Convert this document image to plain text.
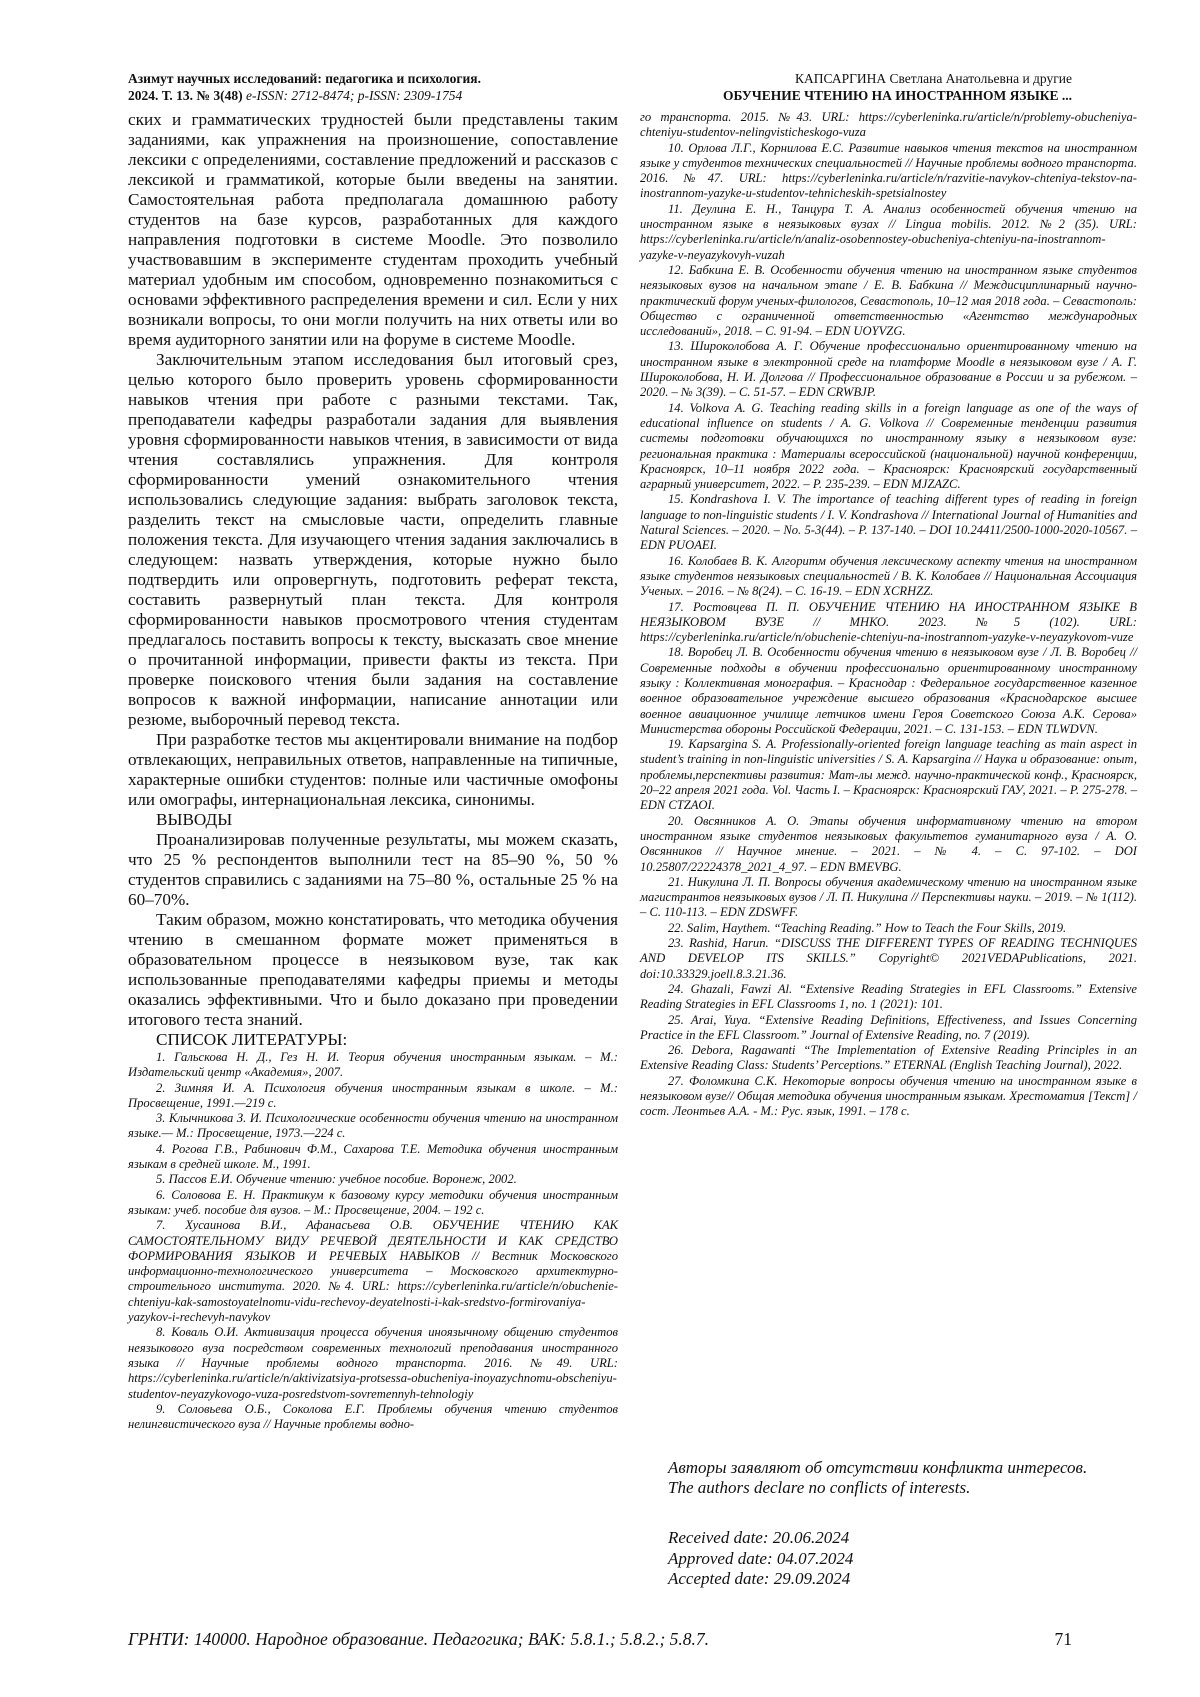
Азимут научных исследований: педагогика и психология.
2024. Т. 13. № 3(48) e-ISSN: 2712-8474; p-ISSN: 2309-1754
КАПСАРГИНА Светлана Анатольевна и другие
ОБУЧЕНИЕ ЧТЕНИЮ НА ИНОСТРАННОМ ЯЗЫКЕ ...

ских и грамматических трудностей были представлены таким заданиями, как упражнения на произношение, сопоставление лексики с определениями, составление предложений и рассказов с лексикой и грамматикой, которые были введены на занятии. Самостоятельная работа предполагала домашнюю работу студентов на базе курсов, разработанных для каждого направления подготовки в системе Moodle. Это позволило участвовавшим в эксперименте студентам проходить учебный материал удобным им способом, одновременно познакомиться с основами эффективного распределения времени и сил. Если у них возникали вопросы, то они могли получить на них ответы или во время аудиторного занятии или на форуме в системе Moodle.

Заключительным этапом исследования был итоговый срез, целью которого было проверить уровень сформированности навыков чтения при работе с разными текстами. Так, преподаватели кафедры разработали задания для выявления уровня сформированности навыков чтения, в зависимости от вида чтения составлялись упражнения. Для контроля сформированности умений ознакомительного чтения использовались следующие задания: выбрать заголовок текста, разделить текст на смысловые части, определить главные положения текста. Для изучающего чтения задания заключались в следующем: назвать утверждения, которые нужно было подтвердить или опровергнуть, подготовить реферат текста, составить развернутый план текста. Для контроля сформированности навыков просмотрового чтения студентам предлагалось поставить вопросы к тексту, высказать свое мнение о прочитанной информации, привести факты из текста. При проверке поискового чтения были задания на составление вопросов к важной информации, написание аннотации или резюме, выборочный перевод текста.

При разработке тестов мы акцентировали внимание на подбор отвлекающих, неправильных ответов, направленные на типичные, характерные ошибки студентов: полные или частичные омофоны или омографы, интернациональная лексика, синонимы.

ВЫВОДЫ

Проанализировав полученные результаты, мы можем сказать, что 25 % респондентов выполнили тест на 85–90 %, 50 % студентов справились с заданиями на 75–80 %, остальные 25 % на 60–70%.

Таким образом, можно констатировать, что методика обучения чтению в смешанном формате может применяться в образовательном процессе в неязыковом вузе, так как использованные преподавателями кафедры приемы и методы оказались эффективными. Что и было доказано при проведении итогового теста знаний.

СПИСОК ЛИТЕРАТУРЫ:

1. Гальскова Н. Д., Гез Н. И. Теория обучения иностранным языкам. – М.: Издательский центр «Академия», 2007.

2. Зимняя И. А. Психология обучения иностранным языкам в школе. – М.: Просвещение, 1991.—219 с.

3. Клычникова З. И. Психологические особенности обучения чтению на иностранном языке.— М.: Просвещение, 1973.—224 с.

4. Рогова Г.В., Рабинович Ф.М., Сахарова Т.Е. Методика обучения иностранным языкам в средней школе. М., 1991.

5. Пассов Е.И. Обучение чтению: учебное пособие. Воронеж, 2002.

6. Соловова Е. Н. Практикум к базовому курсу методики обучения иностранным языкам: учеб. пособие для вузов. – М.: Просвещение, 2004. – 192 с.

7. Хусаинова В.И., Афанасьева О.В. ОБУЧЕНИЕ ЧТЕНИЮ КАК САМОСТОЯТЕЛЬНОМУ ВИДУ РЕЧЕВОЙ ДЕЯТЕЛЬНОСТИ И КАК СРЕДСТВО ФОРМИРОВАНИЯ ЯЗЫКОВ И РЕЧЕВЫХ НАВЫКОВ // Вестник Московского информационно-технологического университета – Московского архитектурно-строительного института. 2020. №4. URL: https://cyberleninka.ru/article/n/obuchenie-chteniyu-kak-samostoyatelnomu-vidu-rechevoy-deyatelnosti-i-kak-sredstvo-formirovaniya-yazykov-i-rechevyh-navykov

8. Коваль О.И. Активизация процесса обучения иноязычному общению студентов неязыкового вуза посредством современных технологий преподавания иностранного языка // Научные проблемы водного транспорта. 2016. №49. URL: https://cyberleninka.ru/article/n/aktivizatsiya-protsessa-obucheniya-inoyazychnomu-obscheniyu-studentov-neyazykovogo-vuza-posredstvom-sovremennyh-tehnologiy

9. Соловьева О.Б., Соколова Е.Г. Проблемы обучения чтению студентов нелингвистического вуза // Научные проблемы водно-

го транспорта. 2015. №43. URL: https://cyberleninka.ru/article/n/problemy-obucheniya-chteniyu-studentov-nelingvisticheskogo-vuza

10. Орлова Л.Г., Корнилова Е.С. Развитие навыков чтения текстов на иностранном языке у студентов технических специальностей // Научные проблемы водного транспорта. 2016. №47. URL: https://cyberleninka.ru/article/n/razvitie-navykov-chteniya-tekstov-na-inostrannom-yazyke-u-studentov-tehnicheskih-spetsialnostey

11. Деулина Е. Н., Танцура Т. А. Анализ особенностей обучения чтению на иностранном языке в неязыковых вузах // Lingua mobilis. 2012. №2 (35). URL: https://cyberleninka.ru/article/n/analiz-osobennostey-obucheniya-chteniyu-na-inostrannom-yazyke-v-neyazykovyh-vuzah

12. Бабкина Е. В. Особенности обучения чтению на иностранном языке студентов неязыковых вузов на начальном этапе / Е. В. Бабкина // Междисциплинарный научно-практический форум ученых-филологов, Севастополь, 10–12 мая 2018 года. – Севастополь: Общество с ограниченной ответственностью «Агентство международных исследований», 2018. – С. 91-94. – EDN UOYVZG.

13. Широколобова А. Г. Обучение профессионально ориентированному чтению на иностранном языке в электронной среде на платформе Moodle в неязыковом вузе / А. Г. Широколобова, Н. И. Долгова // Профессиональное образование в России и за рубежом. – 2020. – № 3(39). – С. 51-57. – EDN CRWBJP.

14. Volkova A. G. Teaching reading skills in a foreign language as one of the ways of educational influence on students / A. G. Volkova // Современные тенденции развития системы подготовки обучающихся по иностранному языку в неязыковом вузе: региональная практика : Материалы всероссийской (национальной) научной конференции, Красноярск, 10–11 ноября 2022 года. – Красноярск: Красноярский государственный аграрный университет, 2022. – P. 235-239. – EDN MJZAZC.

15. Kondrashova I. V. The importance of teaching different types of reading in foreign language to non-linguistic students / I. V. Kondrashova // International Journal of Humanities and Natural Sciences. – 2020. – No. 5-3(44). – P. 137-140. – DOI 10.24411/2500-1000-2020-10567. – EDN PUOAEI.

16. Колобаев В. К. Алгоритм обучения лексическому аспекту чтения на иностранном языке студентов неязыковых специальностей / В. К. Колобаев // Национальная Ассоциация Ученых. – 2016. – № 8(24). – С. 16-19. – EDN XCRHZZ.

17. Ростовцева П. П. ОБУЧЕНИЕ ЧТЕНИЮ НА ИНОСТРАННОМ ЯЗЫКЕ В НЕЯЗЫКОВОМ ВУЗЕ // МНКО. 2023. №5 (102). URL: https://cyberleninka.ru/article/n/obuchenie-chteniyu-na-inostrannom-yazyke-v-neyazykovom-vuze

18. Воробец Л. В. Особенности обучения чтению в неязыковом вузе / Л. В. Воробец // Современные подходы в обучении профессионально ориентированному иностранному языку : Коллективная монография. – Краснодар : Федеральное государственное казенное военное образовательное учреждение высшего образования «Краснодарское высшее военное авиационное училище летчиков имени Героя Советского Союза А.К. Серова» Министерства обороны Российской Федерации, 2021. – С. 131-153. – EDN TLWDVN.

19. Kapsargina S. A. Professionally-oriented foreign language teaching as main aspect in student’s training in non-linguistic universities / S. A. Kapsargina // Наука и образование: опыт, проблемы,перспективы развития: Мат-лы межд. научно-практической конф., Красноярск, 20–22 апреля 2021 года. Vol. Часть I. – Красноярск: Красноярский ГАУ, 2021. – P. 275-278. – EDN CTZAOI.

20. Овсянников А. О. Этапы обучения информативному чтению на втором иностранном языке студентов неязыковых факультетов гуманитарного вуза / А. О. Овсянников // Научное мнение. – 2021. – № 4. – С. 97-102. – DOI 10.25807/22224378_2021_4_97. – EDN BMEVBG.

21. Никулина Л. П. Вопросы обучения академическому чтению на иностранном языке магистрантов неязыковых вузов / Л. П. Никулина // Перспективы науки. – 2019. – № 1(112). – С. 110-113. – EDN ZDSWFF.

22. Salim, Haythem. “Teaching Reading.” How to Teach the Four Skills, 2019.

23. Rashid, Harun. “DISCUSS THE DIFFERENT TYPES OF READING TECHNIQUES AND DEVELOP ITS SKILLS.” Copyright© 2021VEDAPublications, 2021. doi:10.33329.joell.8.3.21.36.

24. Ghazali, Fawzi Al. “Extensive Reading Strategies in EFL Classrooms.” Extensive Reading Strategies in EFL Classrooms 1, no. 1 (2021): 101.

25. Arai, Yuya. “Extensive Reading Definitions, Effectiveness, and Issues Concerning Practice in the EFL Classroom.” Journal of Extensive Reading, no. 7 (2019).

26. Debora, Ragawanti “The Implementation of Extensive Reading Principles in an Extensive Reading Class: Students’ Perceptions.” ETERNAL (English Teaching Journal), 2022.

27. Фоломкина С.К. Некоторые вопросы обучения чтению на иностранном языке в неязыковом вузе// Общая методика обучения иностранным языкам. Хрестоматия [Текст] /сост. Леонтьев А.А. - М.: Рус. язык, 1991. – 178 с.

Авторы заявляют об отсутствии конфликта интересов.

The authors declare no conflicts of interests.

Received date: 20.06.2024

Approved date: 04.07.2024

Accepted date: 29.09.2024

ГРНТИ: 140000. Народное образование. Педагогика; ВАК: 5.8.1.; 5.8.2.; 5.8.7.	71
